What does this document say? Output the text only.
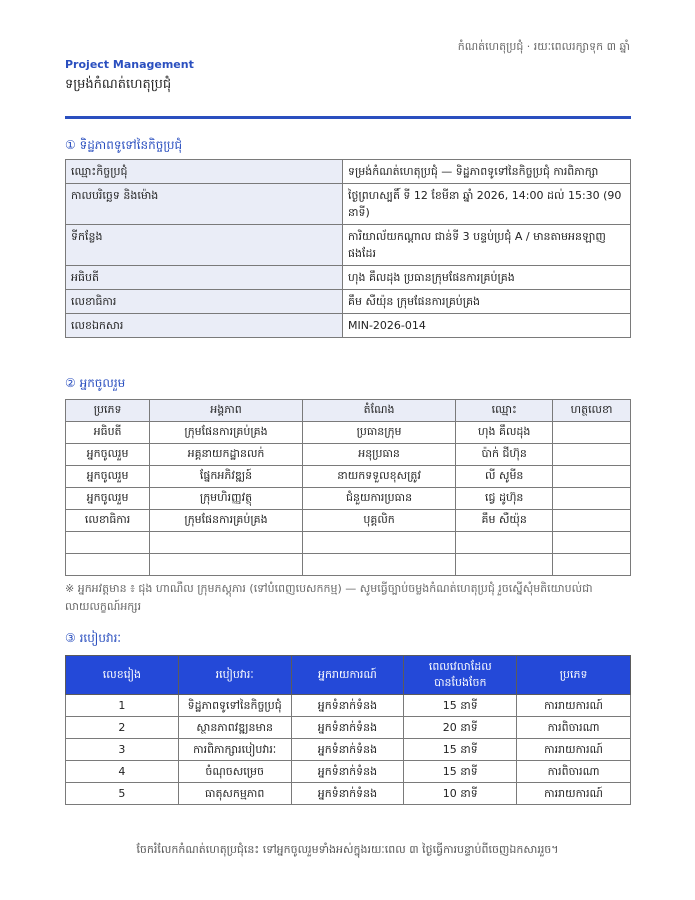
កំណត់ហេតុប្រជុំ · រយៈពេលរក្សាទុក ៣ ឆ្នាំ
Project Management
ទម្រង់កំណត់ហេតុប្រជុំ
① ទិដ្ឋភាពទូទៅនៃកិច្ចប្រជុំ
ឈ្មោះកិច្ចប្រជុំ	ទម្រង់កំណត់ហេតុប្រជុំ — ទិដ្ឋភាពទូទៅនៃកិច្ចប្រជុំ ការពិភាក្សា
កាលបរិច្ឆេទ និងម៉ោង	ថ្ងៃព្រហស្បតិ៍ ទី 12 ខែមីនា ឆ្នាំ 2026, 14:00 ដល់ 15:30 (90 នាទី)
ទីកន្លែង	ការិយាល័យកណ្តាល ជាន់ទី 3 បន្ទប់ប្រជុំ A / មានតាមអនឡាញផងដែរ
អធិបតី	ហុង គឹលដុង ប្រធានក្រុមផែនការគ្រប់គ្រង
លេខាធិការ	គឹម សឺយ៉ុន ក្រុមផែនការគ្រប់គ្រង
លេខឯកសារ	MIN-2026-014
② អ្នកចូលរួម
ប្រភេទ	អង្គភាព	តំណែង	ឈ្មោះ	ហត្ថលេខា
អធិបតី	ក្រុមផែនការគ្រប់គ្រង	ប្រធានក្រុម	ហុង គឹលដុង	
អ្នកចូលរួម	អគ្គនាយកដ្ឋានលក់	អនុប្រធាន	ប៉ាក់ ជីហ៊ុន	
អ្នកចូលរួម	ផ្នែកអភិវឌ្ឍន៍	នាយកទទួលខុសត្រូវ	លី សូមីន	
អ្នកចូលរួម	ក្រុមហិរញ្ញវត្ថុ	ជំនួយការប្រធាន	ជ្វេ ដូហ៊ុន	
លេខាធិការ	ក្រុមផែនការគ្រប់គ្រង	បុគ្គលិក	គឹម សឺយ៉ុន	

※ អ្នកអវត្តមាន ៖ ជុង ហាណឺល ក្រុមភស្តុភារ (ទៅបំពេញបេសកកម្ម) — សូមធ្វើច្បាប់ចម្លងកំណត់ហេតុប្រជុំ រួចស្នើសុំមតិយោបល់ជាលាយលក្ខណ៍អក្សរ
③ របៀបវារៈ
លេខរៀង	របៀបវារៈ	អ្នករាយការណ៍	ពេលវេលាដែលបានបែងចែក	ប្រភេទ
1	ទិដ្ឋភាពទូទៅនៃកិច្ចប្រជុំ	អ្នកទំនាក់ទំនង	15 នាទី	ការរាយការណ៍
2	ស្ថានភាពវឌ្ឍនមាន	អ្នកទំនាក់ទំនង	20 នាទី	ការពិចារណា
3	ការពិភាក្សារបៀបវារៈ	អ្នកទំនាក់ទំនង	15 នាទី	ការរាយការណ៍
4	ចំណុចសម្រេច	អ្នកទំនាក់ទំនង	15 នាទី	ការពិចារណា
5	ធាតុសកម្មភាព	អ្នកទំនាក់ទំនង	10 នាទី	ការរាយការណ៍
ចែករំលែកកំណត់ហេតុប្រជុំនេះ ទៅអ្នកចូលរួមទាំងអស់ក្នុងរយៈពេល ៣ ថ្ងៃធ្វើការបន្ទាប់ពីចេញឯកសាររួច។
